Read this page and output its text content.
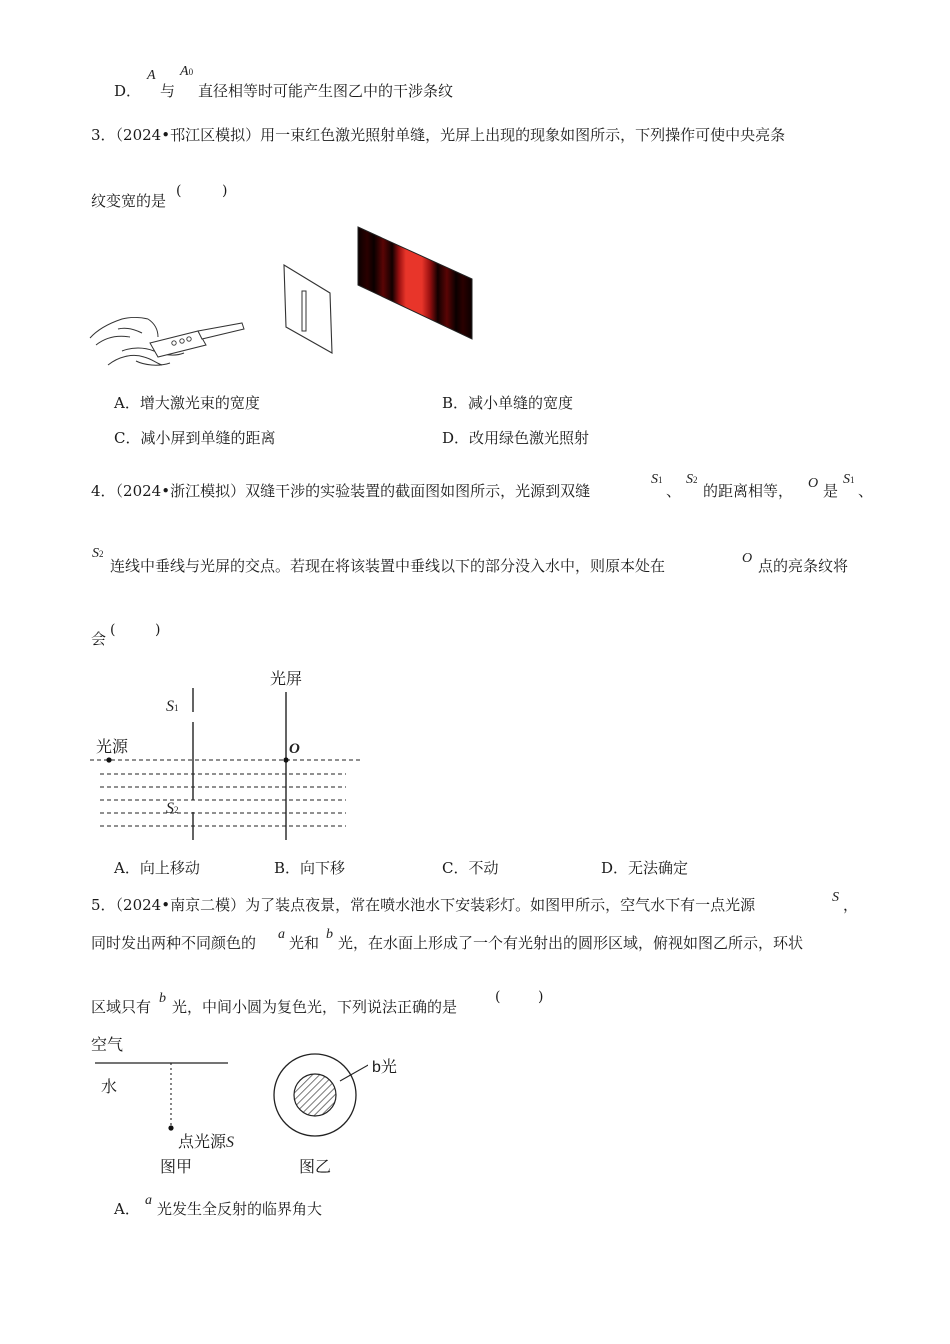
D．
A
与
A0
直径相等时可能产生图乙中的干涉条纹
3．（2024•邗江区模拟）用一束红色激光照射单缝，光屏上出现的现象如图所示，下列操作可使中央亮条
纹变宽的是
(	)
A．增大激光束的宽度	B．减小单缝的宽度
C．减小屏到单缝的距离	D．改用绿色激光照射
4．（2024•浙江模拟）双缝干涉的实验装置的截面图如图所示，光源到双缝
S1
、
S2
的距离相等， O 是
S1
、
S2
连线中垂线与光屏的交点。若现在将该装置中垂线以下的部分没入水中，则原本处在	O 点的亮条纹将
会 (	)
光屏
光源
S1
S2
O
A．向上移动	B．向下移	C．不动	D．无法确定
5．（2024•南京二模）为了装点夜景，常在喷水池水下安装彩灯。如图甲所示，空气水下有一点光源	S ，
同时发出两种不同颜色的 a 光和 b 光，在水面上形成了一个有光射出的圆形区域，俯视如图乙所示，环状
区域只有 b 光，中间小圆为复色光，下列说法正确的是
(	)
空气
水
点光源S
图甲
b光
图乙
A． a 光发生全反射的临界角大
